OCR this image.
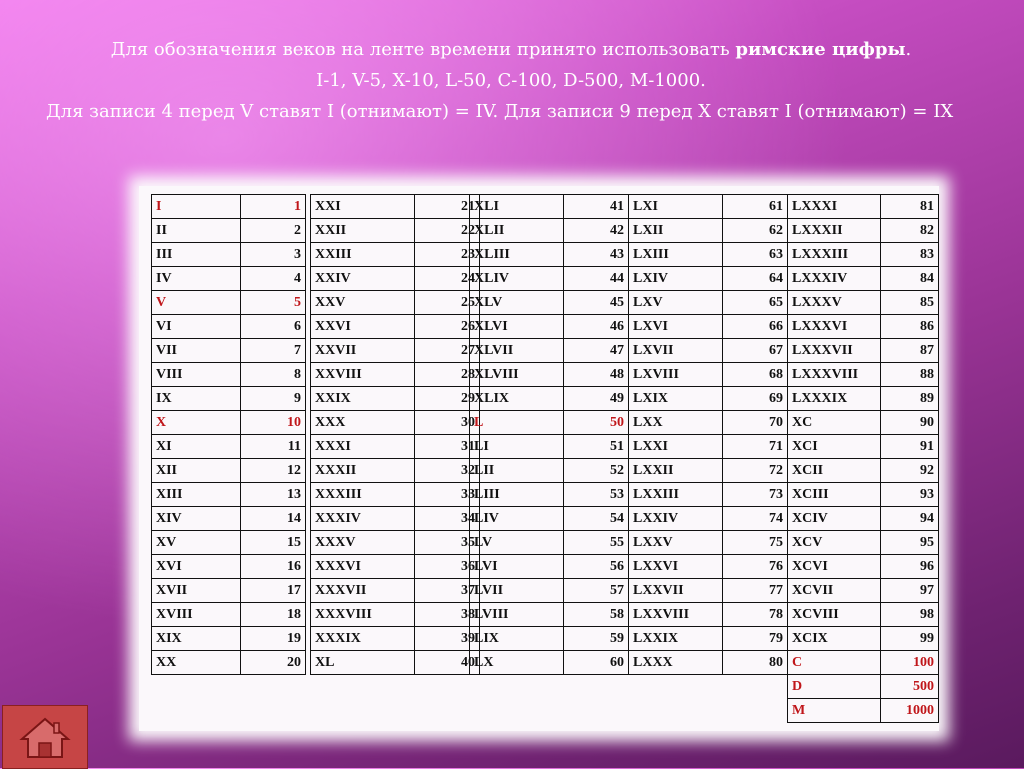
Для обозначения веков на ленте времени принято использовать римские цифры.
I-1, V-5, X-10, L-50, C-100, D-500, M-1000.
Для записи 4 перед V ставят I (отнимают) = IV. Для записи 9 перед X ставят I (отнимают) = IX
I	1
II	2
III	3
IV	4
V	5
VI	6
VII	7
VIII	8
IX	9
X	10
XI	11
XII	12
XIII	13
XIV	14
XV	15
XVI	16
XVII	17
XVIII	18
XIX	19
XX	20
XXI	21
XXII	22
XXIII	23
XXIV	24
XXV	25
XXVI	26
XXVII	27
XXVIII	28
XXIX	29
XXX	30
XXXI	31
XXXII	32
XXXIII	33
XXXIV	34
XXXV	35
XXXVI	36
XXXVII	37
XXXVIII	38
XXXIX	39
XL	40
XLI	41
XLII	42
XLIII	43
XLIV	44
XLV	45
XLVI	46
XLVII	47
XLVIII	48
XLIX	49
L	50
LI	51
LII	52
LIII	53
LIV	54
LV	55
LVI	56
LVII	57
LVIII	58
LIX	59
LX	60
LXI	61
LXII	62
LXIII	63
LXIV	64
LXV	65
LXVI	66
LXVII	67
LXVIII	68
LXIX	69
LXX	70
LXXI	71
LXXII	72
LXXIII	73
LXXIV	74
LXXV	75
LXXVI	76
LXXVII	77
LXXVIII	78
LXXIX	79
LXXX	80
LXXXI	81
LXXXII	82
LXXXIII	83
LXXXIV	84
LXXXV	85
LXXXVI	86
LXXXVII	87
LXXXVIII	88
LXXXIX	89
XC	90
XCI	91
XCII	92
XCIII	93
XCIV	94
XCV	95
XCVI	96
XCVII	97
XCVIII	98
XCIX	99
C	100
D	500
M	1000
